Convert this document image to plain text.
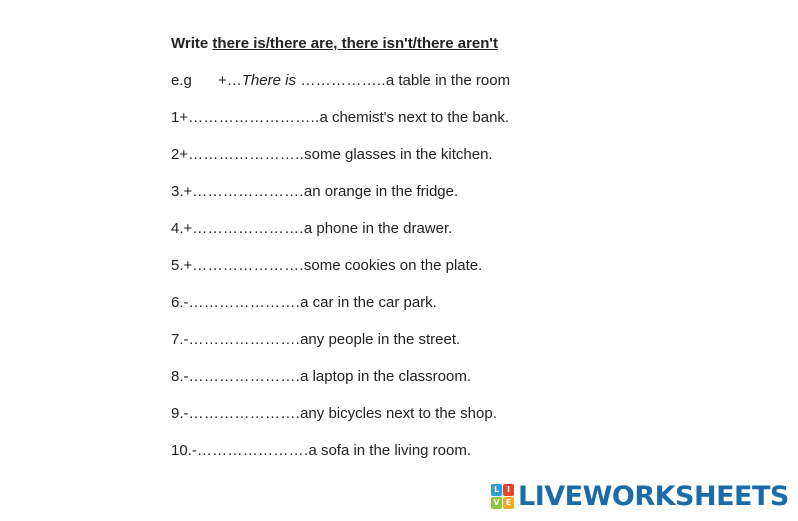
Write there is/there are, there isn't/there aren't
e.g +…There is ……………..a table in the room
1+……………………..a chemist's next to the bank.
2+…………………..some glasses in the kitchen.
3.+………………….an orange in the fridge.
4.+………………….a phone in the drawer.
5.+………………….some cookies on the plate.
6.-………………….a car in the car park.
7.-………………….any people in the street.
8.-………………….a laptop in the classroom.
9.-………………….any bicycles next to the shop.
10.-………………….a sofa in the living room.
L I
V E LIVEWORKSHEETS
